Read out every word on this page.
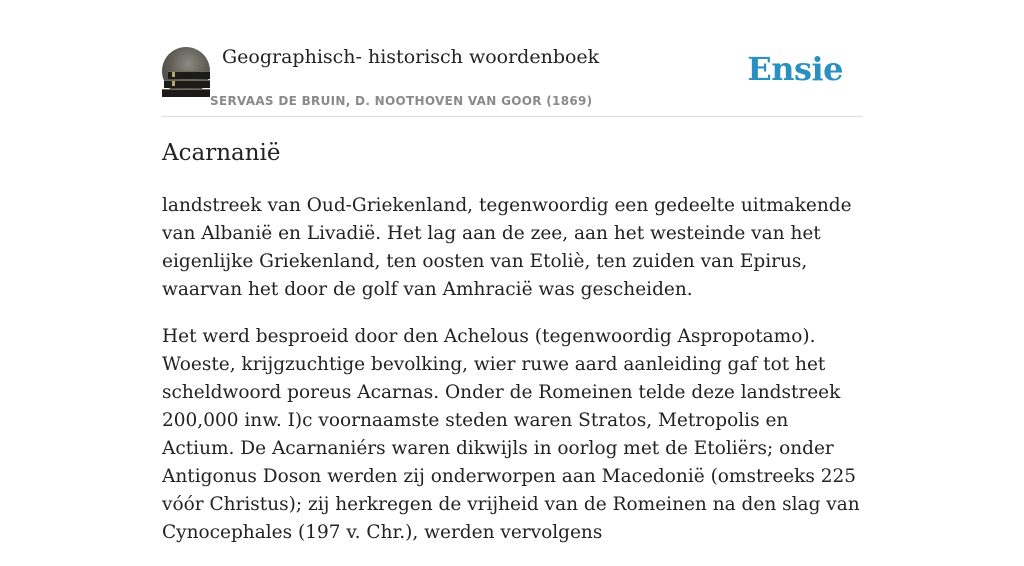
Geographisch- historisch woordenboek
SERVAAS DE BRUIN, D. NOOTHOVEN VAN GOOR (1869)
Ensie
Acarnanië

landstreek van Oud-Griekenland, tegenwoordig een gedeelte uitmakende van Albanië en Livadië. Het lag aan de zee, aan het westeinde van het eigenlijke Griekenland, ten oosten van Etoliè, ten zuiden van Epirus, waarvan het door de golf van Amhracië was gescheiden.

Het werd besproeid door den Achelous (tegenwoordig Aspropotamo). Woeste, krijgzuchtige bevolking, wier ruwe aard aanleiding gaf tot het scheldwoord poreus Acarnas. Onder de Romeinen telde deze landstreek 200,000 inw. I)c voornaamste steden waren Stratos, Metropolis en Actium. De Acarnaniérs waren dikwijls in oorlog met de Etoliërs; onder Antigonus Doson werden zij onderworpen aan Macedonië (omstreeks 225 vóór Christus); zij herkregen de vrijheid van de Romeinen na den slag van Cynocephales (197 v. Chr.), werden vervolgens
